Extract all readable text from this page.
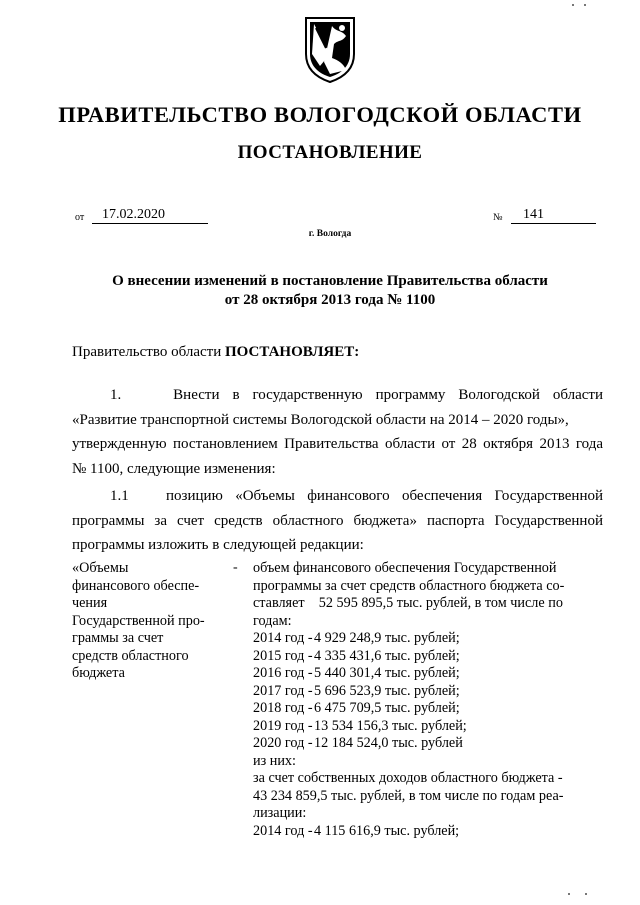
ПРАВИТЕЛЬСТВО ВОЛОГОДСКОЙ ОБЛАСТИ
ПОСТАНОВЛЕНИЕ
от	17.02.2020	№	141
г. Вологда
О внесении изменений в постановление Правительства области
от 28 октября 2013 года № 1100
Правительство области ПОСТАНОВЛЯЕТ:
1.    Внести в государственную программу Вологодской области
«Развитие транспортной системы Вологодской области на 2014 – 2020 годы»,
утвержденную постановлением Правительства области от 28 октября 2013 года
№ 1100, следующие изменения:
1.1   позицию «Объемы финансового обеспечения Государственной
программы за счет средств областного бюджета» паспорта Государственной
программы изложить в следующей редакции:
«Объемы
финансового обеспе-
чения
Государственной про-
граммы за счет
средств областного
бюджета
- объем финансового обеспечения Государственной
программы за счет средств областного бюджета со-
ставляет    52 595 895,5 тыс. рублей, в том числе по
годам:
2014 год - 4 929 248,9 тыс. рублей;
2015 год - 4 335 431,6 тыс. рублей;
2016 год - 5 440 301,4 тыс. рублей;
2017 год - 5 696 523,9 тыс. рублей;
2018 год - 6 475 709,5 тыс. рублей;
2019 год - 13 534 156,3 тыс. рублей;
2020 год - 12 184 524,0 тыс. рублей
из них:
за счет собственных доходов областного бюджета -
43 234 859,5 тыс. рублей, в том числе по годам реа-
лизации:
2014 год - 4 115 616,9 тыс. рублей;
